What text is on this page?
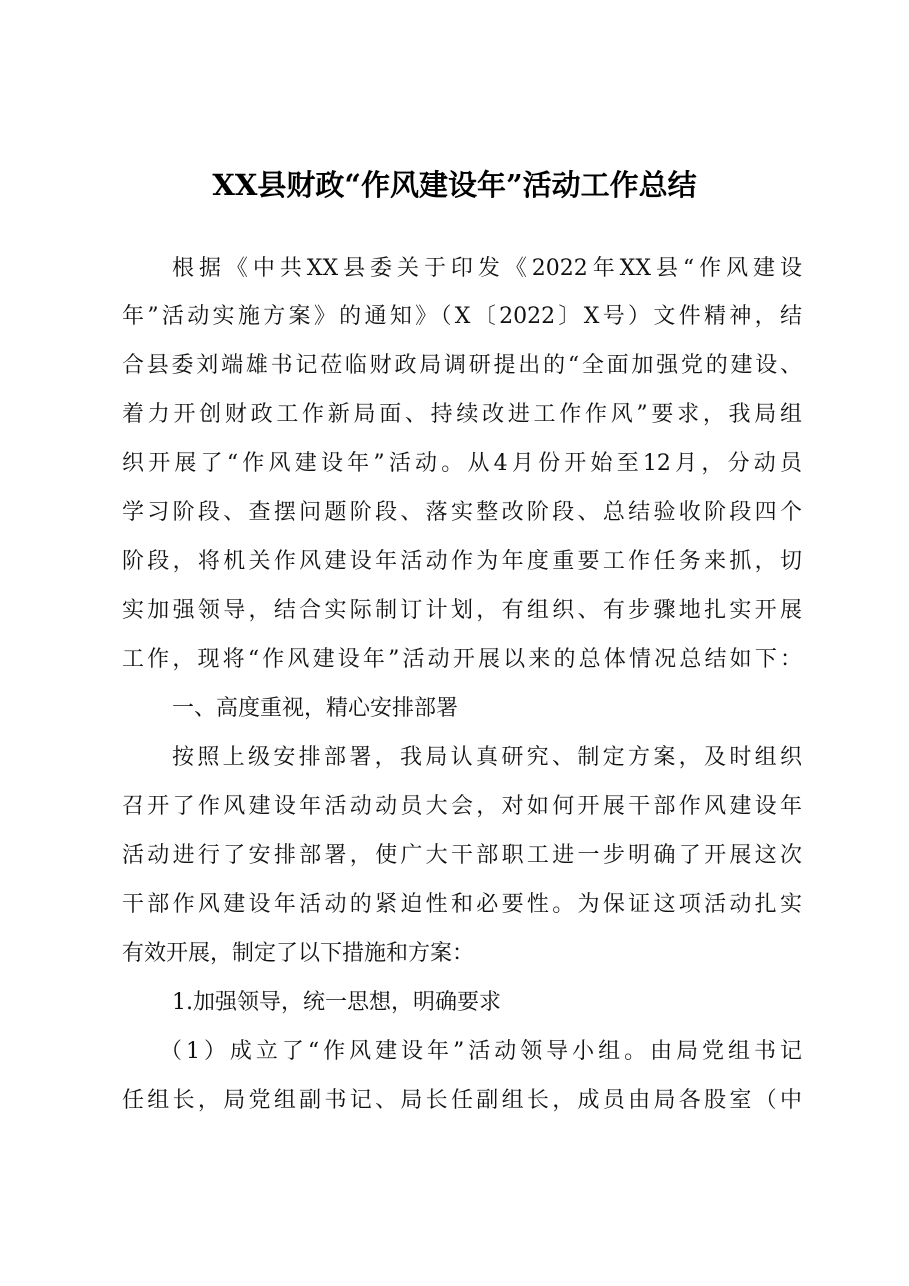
XX县财政“作风建设年”活动工作总结
根据《中共XX县委关于印发《2022年XX县“作风建设
年”活动实施方案》的通知》（X〔2022〕X号）文件精神，结
合县委刘端雄书记莅临财政局调研提出的“全面加强党的建设、
着力开创财政工作新局面、持续改进工作作风”要求，我局组
织开展了“作风建设年”活动。从4月份开始至12月，分动员
学习阶段、查摆问题阶段、落实整改阶段、总结验收阶段四个
阶段，将机关作风建设年活动作为年度重要工作任务来抓，切
实加强领导，结合实际制订计划，有组织、有步骤地扎实开展
工作，现将“作风建设年”活动开展以来的总体情况总结如下：
一、高度重视，精心安排部署
按照上级安排部署，我局认真研究、制定方案，及时组织
召开了作风建设年活动动员大会，对如何开展干部作风建设年
活动进行了安排部署，使广大干部职工进一步明确了开展这次
干部作风建设年活动的紧迫性和必要性。为保证这项活动扎实
有效开展，制定了以下措施和方案：
1.加强领导，统一思想，明确要求
（1）成立了“作风建设年”活动领导小组。由局党组书记
任组长，局党组副书记、局长任副组长，成员由局各股室（中
